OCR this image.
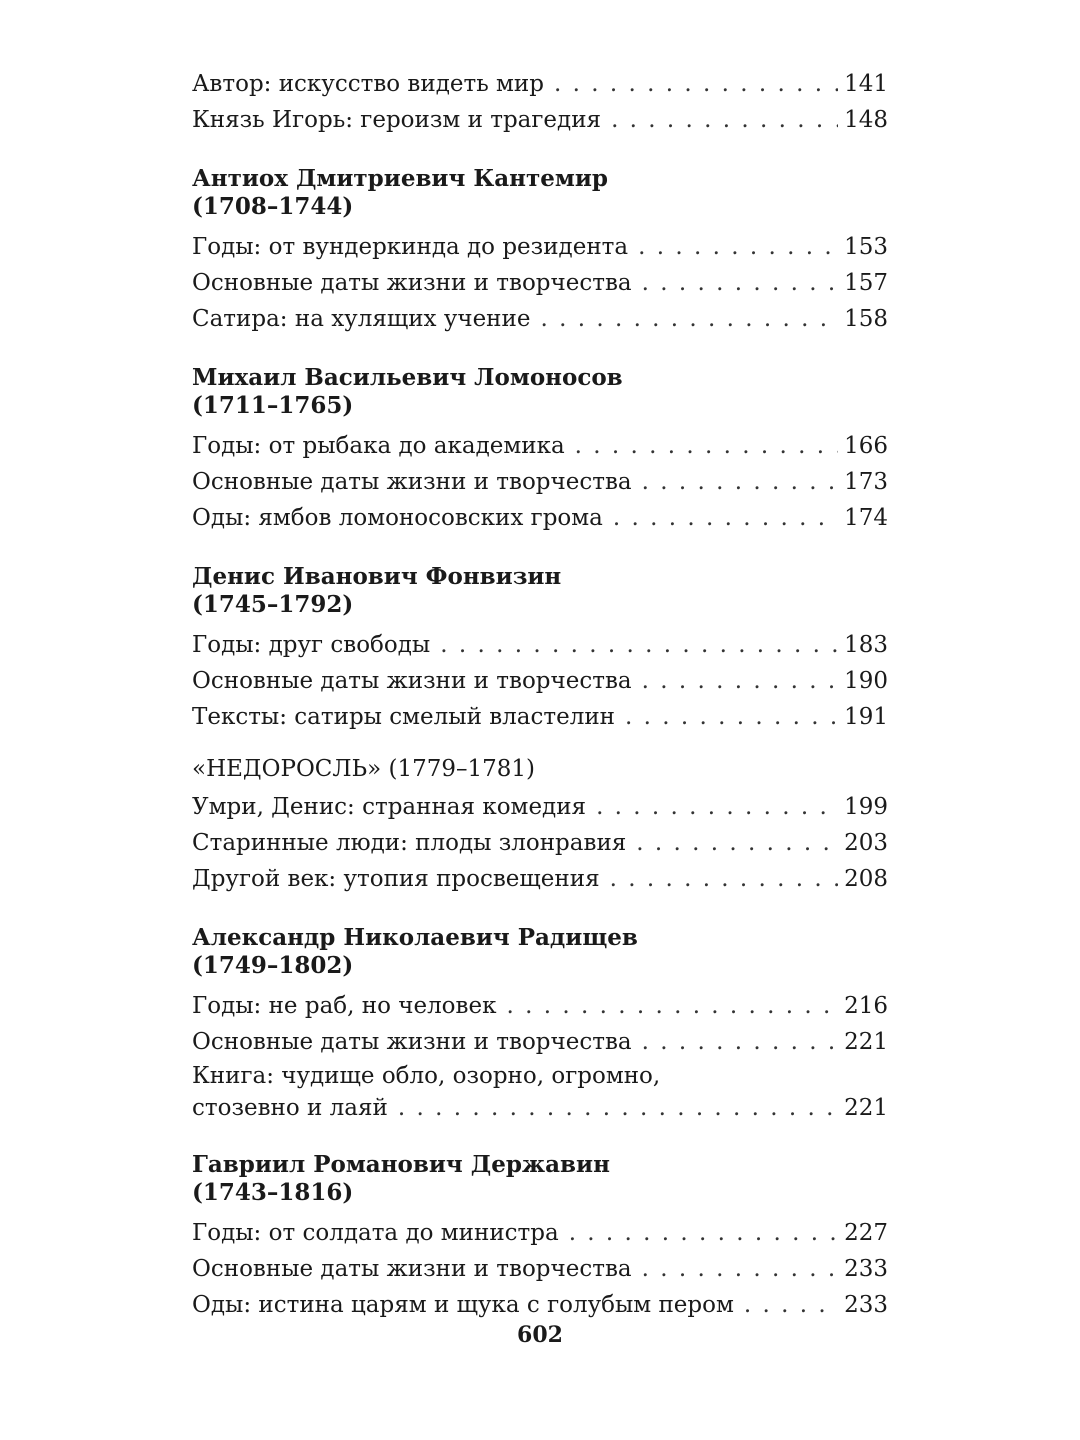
Автор: искусство видеть мир . . .	141
Князь Игорь: героизм и трагедия . . .	148
Антиох Дмитриевич Кантемир
(1708–1744)
Годы: от вундеркинда до резидента . . .	153
Основные даты жизни и творчества . . .	157
Сатира: на хулящих учение . . .	158
Михаил Васильевич Ломоносов
(1711–1765)
Годы: от рыбака до академика . . .	166
Основные даты жизни и творчества . . .	173
Оды: ямбов ломоносовских грома . . .	174
Денис Иванович Фонвизин
(1745–1792)
Годы: друг свободы . . .	183
Основные даты жизни и творчества . . .	190
Тексты: сатиры смелый властелин . . .	191
«НЕДОРОСЛЬ» (1779–1781)
Умри, Денис: странная комедия . . .	199
Старинные люди: плоды злонравия . . .	203
Другой век: утопия просвещения . . .	208
Александр Николаевич Радищев
(1749–1802)
Годы: не раб, но человек . . .	216
Основные даты жизни и творчества . . .	221
Книга: чудище обло, озорно, огромно,
стозевно и лаяй . . .	221
Гавриил Романович Державин
(1743–1816)
Годы: от солдата до министра . . .	227
Основные даты жизни и творчества . . .	233
Оды: истина царям и щука с голубым пером . . .	233
602
